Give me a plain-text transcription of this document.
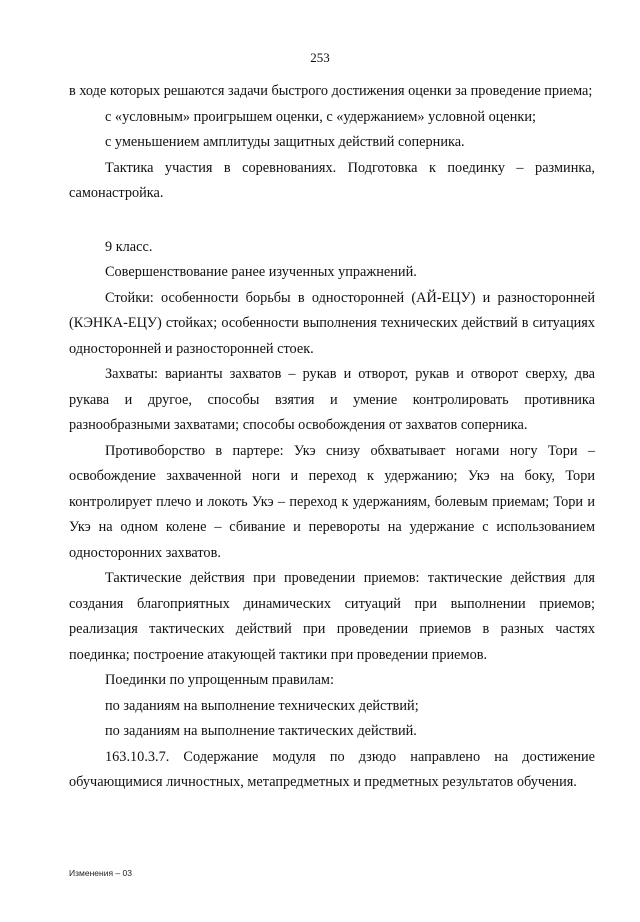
253

в ходе которых решаются задачи быстрого достижения оценки за проведение приема;

с «условным» проигрышем оценки, с «удержанием» условной оценки;

с уменьшением амплитуды защитных действий соперника.

Тактика участия в соревнованиях. Подготовка к поединку – разминка, самонастройка.

9 класс.

Совершенствование ранее изученных упражнений.

Стойки: особенности борьбы в односторонней (АЙ-ЕЦУ) и разносторонней (КЭНКА-ЕЦУ) стойках; особенности выполнения технических действий в ситуациях односторонней и разносторонней стоек.

Захваты: варианты захватов – рукав и отворот, рукав и отворот сверху, два рукава и другое, способы взятия и умение контролировать противника разнообразными захватами; способы освобождения от захватов соперника.

Противоборство в партере: Укэ снизу обхватывает ногами ногу Тори – освобождение захваченной ноги и переход к удержанию; Укэ на боку, Тори контролирует плечо и локоть Укэ – переход к удержаниям, болевым приемам; Тори и Укэ на одном колене – сбивание и перевороты на удержание с использованием односторонних захватов.

Тактические действия при проведении приемов: тактические действия для создания благоприятных динамических ситуаций при выполнении приемов; реализация тактических действий при проведении приемов в разных частях поединка; построение атакующей тактики при проведении приемов.

Поединки по упрощенным правилам:

по заданиям на выполнение технических действий;

по заданиям на выполнение тактических действий.

163.10.3.7. Содержание модуля по дзюдо направлено на достижение обучающимися личностных, метапредметных и предметных результатов обучения.

Изменения – 03
